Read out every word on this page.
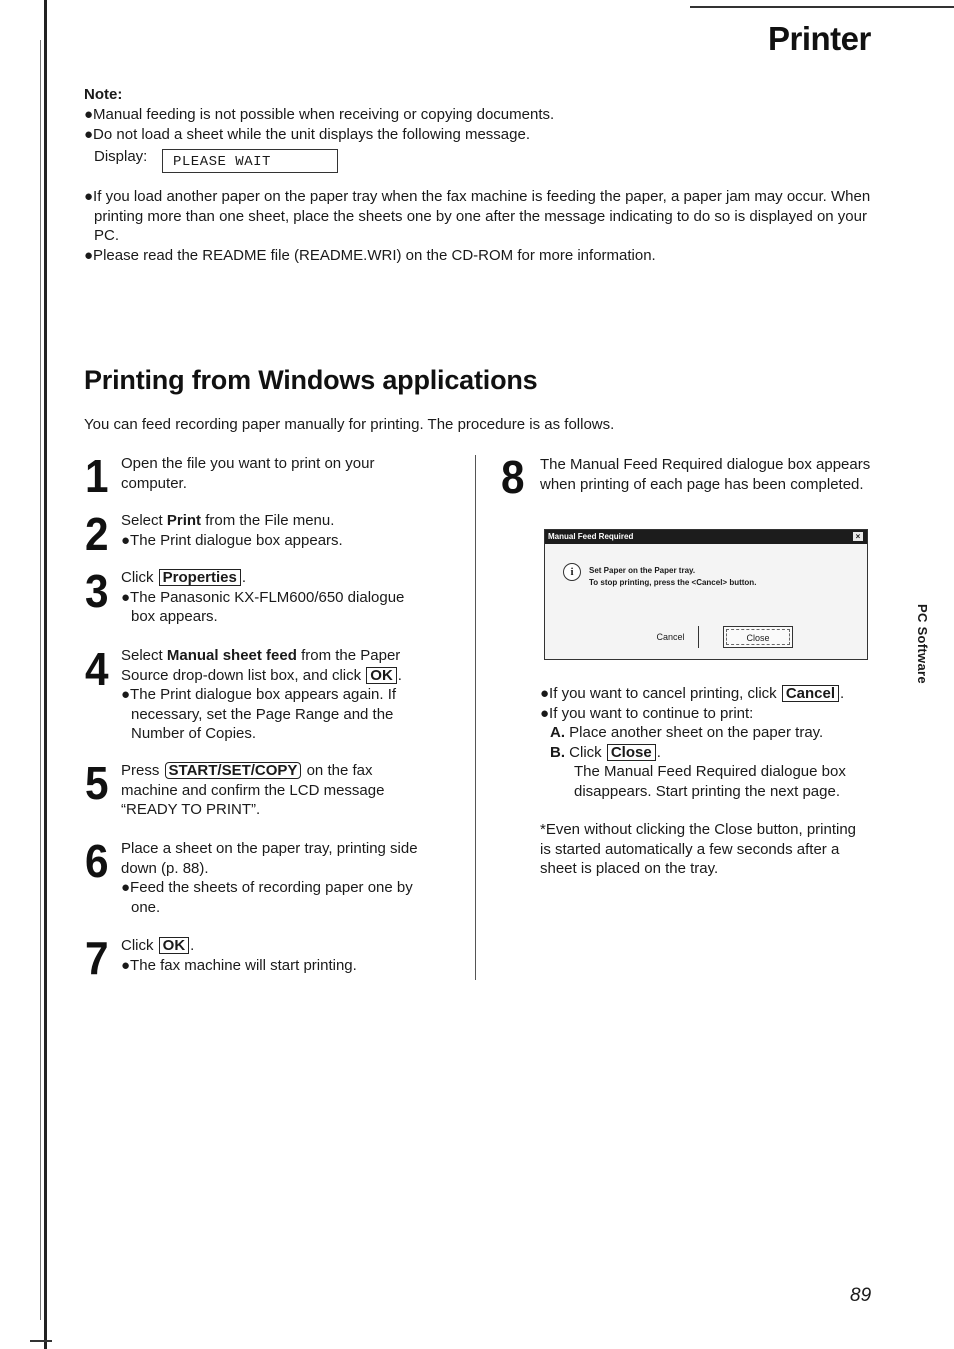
Printer
Note:
●Manual feeding is not possible when receiving or copying documents.
●Do not load a sheet while the unit displays the following message.
Display:	PLEASE WAIT
●If you load another paper on the paper tray when the fax machine is feeding the paper, a paper jam may occur. When printing more than one sheet, place the sheets one by one after the message indicating to do so is displayed on your PC.
●Please read the README file (README.WRI) on the CD-ROM for more information.
Printing from Windows applications
You can feed recording paper manually for printing. The procedure is as follows.
1 Open the file you want to print on your computer.
2 Select Print from the File menu.
●The Print dialogue box appears.
3 Click Properties .
●The Panasonic KX-FLM600/650 dialogue box appears.
4 Select Manual sheet feed from the Paper Source drop-down list box, and click OK .
●The Print dialogue box appears again. If necessary, set the Page Range and the Number of Copies.
5 Press START/SET/COPY on the fax machine and confirm the LCD message “READY TO PRINT”.
6 Place a sheet on the paper tray, printing side down (p. 88).
●Feed the sheets of recording paper one by one.
7 Click OK .
●The fax machine will start printing.
8 The Manual Feed Required dialogue box appears when printing of each page has been completed.
Manual Feed Required	×
i	Set Paper on the Paper tray.
To stop printing, press the <Cancel> button.
Cancel	Close
●If you want to cancel printing, click Cancel .
●If you want to continue to print:
A. Place another sheet on the paper tray.
B. Click Close .
The Manual Feed Required dialogue box disappears. Start printing the next page.
*Even without clicking the Close button, printing is started automatically a few seconds after a sheet is placed on the tray.
PC Software
89
